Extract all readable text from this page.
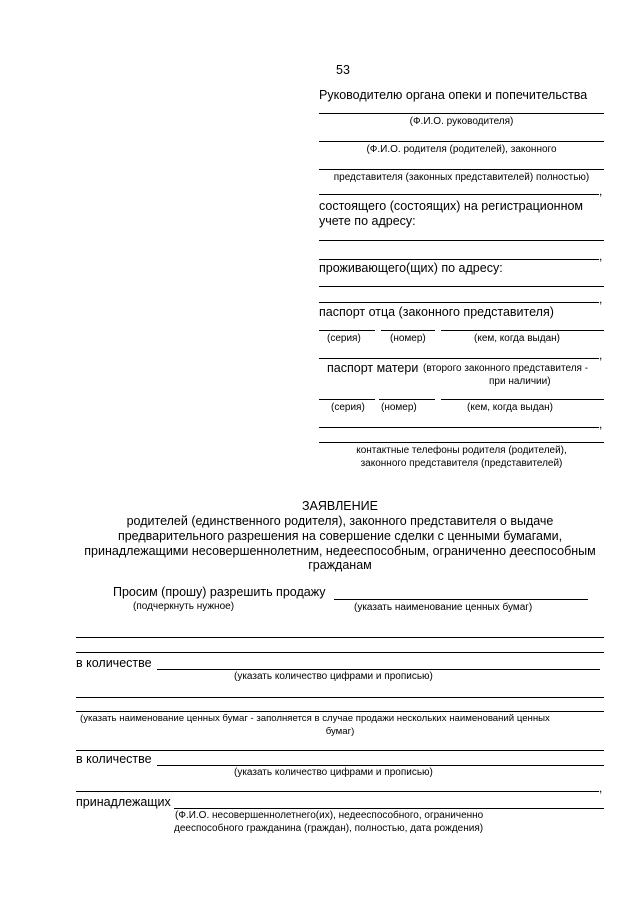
53
Руководителю органа опеки и попечительства
(Ф.И.О. руководителя)
(Ф.И.О. родителя (родителей), законного
представителя (законных представителей) полностью)
,
состоящего (состоящих) на регистрационном
учете по адресу:
,
проживающего(щих) по адресу:
,
паспорт отца (законного представителя)
(серия)	(номер)	(кем, когда выдан)
,
паспорт матери (второго законного представителя -
при наличии)
(серия) (номер)	(кем, когда выдан)
,
контактные телефоны родителя (родителей),
законного представителя (представителей)
ЗАЯВЛЕНИЕ
родителей (единственного родителя), законного представителя о выдаче
предварительного разрешения на совершение сделки с ценными бумагами,
принадлежащими несовершеннолетним, недееспособным, ограниченно дееспособным
гражданам
Просим (прошу) разрешить продажу
(подчеркнуть нужное)	(указать наименование ценных бумаг)
в количестве
(указать количество цифрами и прописью)
(указать наименование ценных бумаг - заполняется в случае продажи нескольких наименований ценных
бумаг)
в количестве
(указать количество цифрами и прописью)
,
принадлежащих
(Ф.И.О. несовершеннолетнего(их), недееспособного, ограниченно
дееспособного гражданина (граждан), полностью, дата рождения)
